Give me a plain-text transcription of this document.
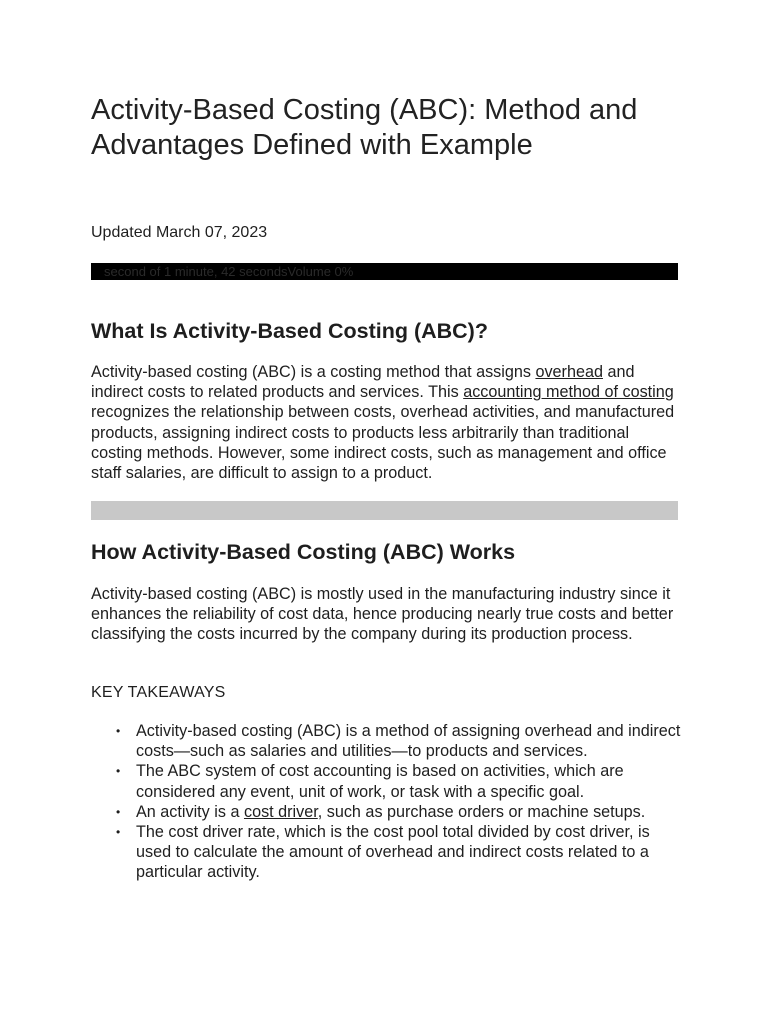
Activity-Based Costing (ABC): Method and Advantages Defined with Example
Updated March 07, 2023
second of 1 minute, 42 secondsVolume 0%
What Is Activity-Based Costing (ABC)?

Activity-based costing (ABC) is a costing method that assigns overhead and indirect costs to related products and services. This accounting method of costing recognizes the relationship between costs, overhead activities, and manufactured products, assigning indirect costs to products less arbitrarily than traditional costing methods. However, some indirect costs, such as management and office staff salaries, are difficult to assign to a product.

How Activity-Based Costing (ABC) Works

Activity-based costing (ABC) is mostly used in the manufacturing industry since it enhances the reliability of cost data, hence producing nearly true costs and better classifying the costs incurred by the company during its production process.

KEY TAKEAWAYS
• Activity-based costing (ABC) is a method of assigning overhead and indirect costs—such as salaries and utilities—to products and services.
• The ABC system of cost accounting is based on activities, which are considered any event, unit of work, or task with a specific goal.
• An activity is a cost driver, such as purchase orders or machine setups.
• The cost driver rate, which is the cost pool total divided by cost driver, is used to calculate the amount of overhead and indirect costs related to a particular activity.
